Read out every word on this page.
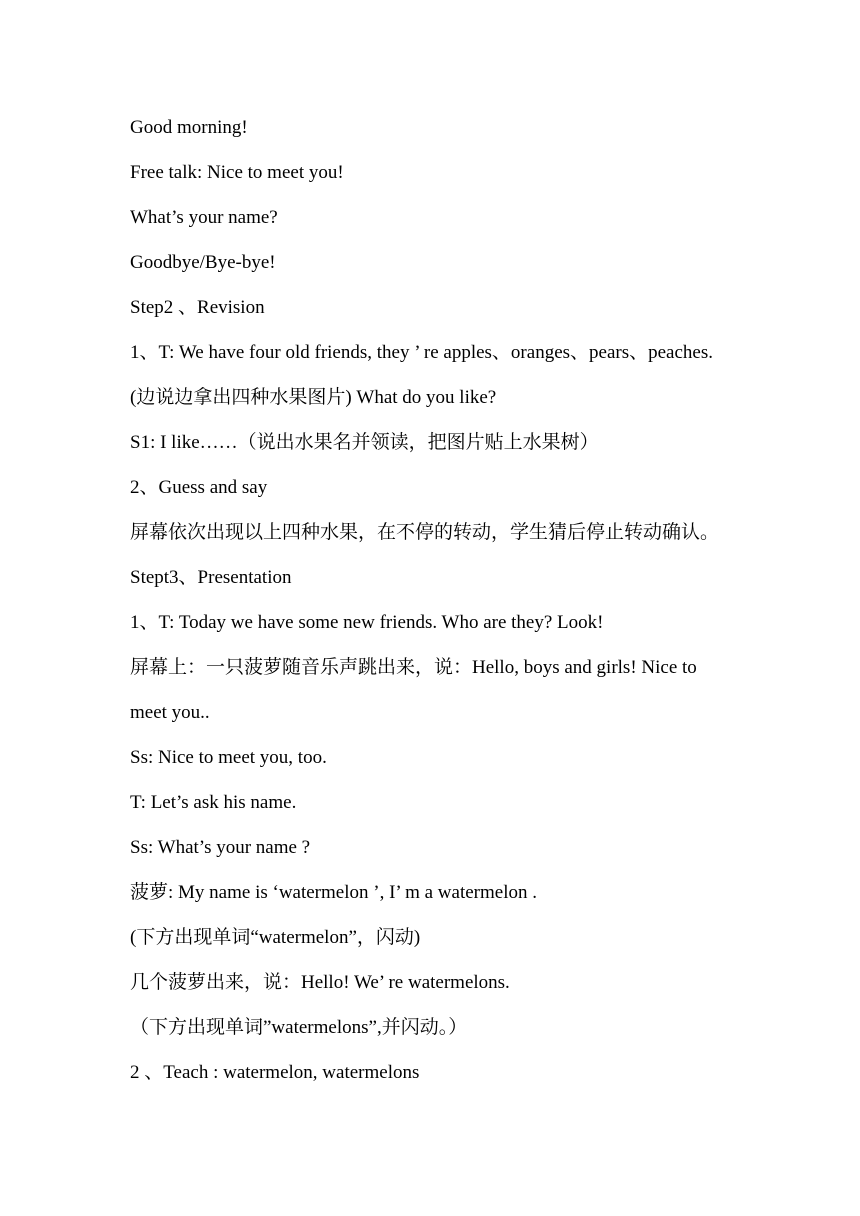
Good morning!
Free talk: Nice to meet you!
What’s your name?
Goodbye/Bye-bye!
Step2 、Revision
1、T: We have four old friends, they ’ re apples、oranges、pears、peaches.
(边说边拿出四种水果图片) What do you like?
S1: I like……（说出水果名并领读，把图片贴上水果树）
2、Guess and say
屏幕依次出现以上四种水果，在不停的转动，学生猜后停止转动确认。
Stept3、Presentation
1、T: Today we have some new friends. Who are they? Look!
屏幕上：一只菠萝随音乐声跳出来，说：Hello, boys and girls! Nice to
meet you..
Ss: Nice to meet you, too.
T: Let’s ask his name.
Ss: What’s your name ?
菠萝: My name is ‘watermelon ’, I’ m a watermelon .
(下方出现单词“watermelon”，闪动)
几个菠萝出来，说：Hello! We’ re watermelons.
（下方出现单词”watermelons”,并闪动。）
2 、Teach : watermelon, watermelons
